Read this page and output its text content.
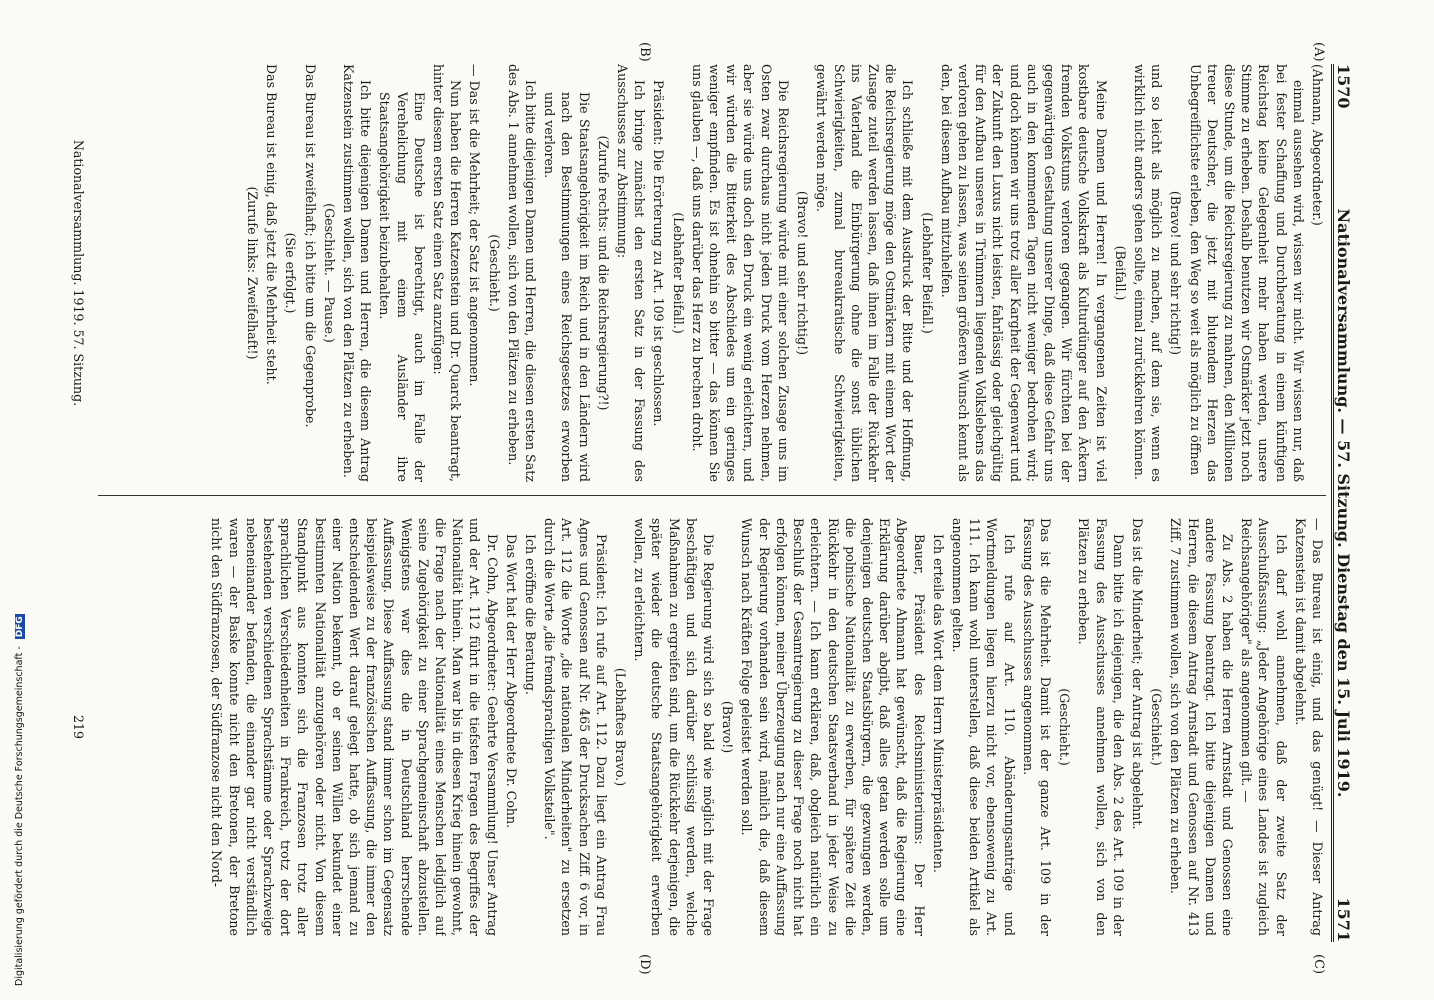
1570
Nationalversammlung. — 57. Sitzung. Dienstag den 15. Juli 1919.
1571
(A)
(B)
(C)
(D)

(Ahmann, Abgeordneter.)

einmal aussehen wird, wissen wir nicht. Wir wissen nur, daß bei fester Schaffung und Durchberatung in einem künftigen Reichstag keine Gelegenheit mehr haben werden, unsere Stimme zu erheben. Deshalb benutzen wir Ostmärker jetzt noch diese Stunde, um die Reichsregierung zu mahnen, den Millionen treuer Deutscher, die jetzt mit blutendem Herzen das Unbegreiflichste erleben, den Weg so weit als möglich zu öffnen

(Bravo! und sehr richtig!)

und so leicht als möglich zu machen, auf dem sie, wenn es wirklich nicht anders gehen sollte, einmal zurückkehren können.

(Beifall.)

Meine Damen und Herren! In vergangenen Zeiten ist viel kostbare deutsche Volkskraft als Kulturdünger auf den Äckern fremden Volkstums verloren gegangen. Wir fürchten bei der gegenwärtigen Gestaltung unserer Dinge, daß diese Gefahr uns auch in den kommenden Tagen nicht weniger bedrohen wird; und doch können wir uns trotz aller Kargheit der Gegenwart und der Zukunft den Luxus nicht leisten, fahrlässig oder gleichgültig für den Aufbau unseres in Trümmern liegenden Volkslebens das verloren gehen zu lassen, was seinen größeren Wunsch kennt als den, bei diesem Aufbau mitzuhelfen.

(Lebhafter Beifall.)

Ich schließe mit dem Ausdruck der Bitte und der Hoffnung, die Reichsregierung möge den Ostmärkern mit einem Wort der Zusage zuteil werden lassen, daß ihnen im Falle der Rückkehr ins Vaterland die Einbürgerung ohne die sonst üblichen Schwierigkeiten, zumal bureaukratische Schwierigkeiten, gewährt werden möge.

(Bravo! und sehr richtig!)

Die Reichsregierung würde mit einer solchen Zusage uns im Osten zwar durchaus nicht jeden Druck vom Herzen nehmen, aber sie würde uns doch den Druck ein wenig erleichtern, und wir würden die Bitterkeit des Abschiedes um ein geringes weniger empfinden. Es ist ohnehin so bitter — das können Sie uns glauben —, daß uns darüber das Herz zu brechen droht.

(Lebhafter Beifall.)

Präsident: Die Erörterung zu Art. 109 ist geschlossen.

Ich bringe zunächst den ersten Satz in der Fassung des Ausschusses zur Abstimmung:

(Zurufe rechts: und die Reichsregierung?!)

Die Staatsangehörigkeit im Reich und in den Ländern wird nach den Bestimmungen eines Reichsgesetzes erworben und verloren.

Ich bitte diejenigen Damen und Herren, die diesen ersten Satz des Abs. 1 annehmen wollen, sich von den Plätzen zu erheben.

(Geschieht.)

— Das ist die Mehrheit; der Satz ist angenommen.

Nun haben die Herren Katzenstein und Dr. Quarck beantragt, hinter diesem ersten Satz einen Satz anzufügen:

Eine Deutsche ist berechtigt, auch im Falle der Verehelichung mit einem Ausländer ihre Staatsangehörigkeit beizubehalten.

Ich bitte diejenigen Damen und Herren, die diesem Antrag Katzenstein zustimmen wollen, sich von den Plätzen zu erheben.

(Geschieht. — Pause.)

Das Bureau ist zweifelhaft; ich bitte um die Gegenprobe.

(Sie erfolgt.)

Das Bureau ist einig, daß jetzt die Mehrheit steht.

(Zurufe links: Zweifelhaft!)

— Das Bureau ist einig, und das genügt! — Dieser Antrag Katzenstein ist damit abgelehnt.

Ich darf wohl annehmen, daß der zweite Satz der Ausschußfassung: „Jeder Angehörige eines Landes ist zugleich Reichsangehöriger" als angenommen gilt. —

Zu Abs. 2 haben die Herren Arnstadt und Genossen eine andere Fassung beantragt. Ich bitte diejenigen Damen und Herren, die diesem Antrag Arnstadt und Genossen auf Nr. 413 Ziff. 7 zustimmen wollen, sich von den Plätzen zu erheben.

(Geschieht.)

Das ist die Minderheit; der Antrag ist abgelehnt.

Dann bitte ich diejenigen, die den Abs. 2 des Art. 109 in der Fassung des Ausschusses annehmen wollen, sich von den Plätzen zu erheben.

(Geschieht.)

Das ist die Mehrheit. Damit ist der ganze Art. 109 in der Fassung des Ausschusses angenommen.

Ich rufe auf Art. 110. Abänderungsanträge und Wortmeldungen liegen hierzu nicht vor, ebensowenig zu Art. 111. Ich kann wohl unterstellen, daß diese beiden Artikel als angenommen gelten.

Ich erteile das Wort dem Herrn Ministerpräsidenten.

Bauer, Präsident des Reichsministeriums: Der Herr Abgeordnete Ahmann hat gewünscht, daß die Regierung eine Erklärung darüber abgibt, daß alles getan werden solle um denjenigen deutschen Staatsbürgern, die gezwungen werden, die polnische Nationalität zu erwerben, für spätere Zeit die Rückkehr in den deutschen Staatsverband in jeder Weise zu erleichtern. — Ich kann erklären, daß, obgleich natürlich ein Beschluß der Gesamtregierung zu dieser Frage noch nicht hat erfolgen können, meiner Überzeugung nach nur eine Auffassung der Regierung vorhanden sein wird, nämlich die, daß diesem Wunsch nach Kräften Folge geleistet werden soll.

(Bravo!)

Die Regierung wird sich so bald wie möglich mit der Frage beschäftigen und sich darüber schlüssig werden, welche Maßnahmen zu ergreifen sind, um die Rückkehr derjenigen, die später wieder die deutsche Staatsangehörigkeit erwerben wollen, zu erleichtern.

(Lebhaftes Bravo.)

Präsident: Ich rufe auf Art. 112. Dazu liegt ein Antrag Frau Agnes und Genossen auf Nr. 465 der Drucksachen Ziff. 6 vor, in Art. 112 die Worte „die nationalen Minderheiten" zu ersetzen durch die Worte „die fremdsprachigen Volksteile".

Ich eröffne die Beratung.

Das Wort hat der Herr Abgeordnete Dr. Cohn.

Dr. Cohn, Abgeordneter: Geehrte Versammlung! Unser Antrag und der Art. 112 führt in die tiefsten Fragen des Begriffes der Nationalität hinein. Man war bis in diesen Krieg hinein gewohnt, die Frage nach der Nationalität eines Menschen lediglich auf seine Zugehörigkeit zu einer Sprachgemeinschaft abzustellen. Wenigstens war dies die in Deutschland herrschende Auffassung. Diese Auffassung stand immer schon im Gegensatz beispielsweise zu der französischen Auffassung, die immer den entscheidenden Wert darauf gelegt hatte, ob sich jemand zu einer Nation bekennt, ob er seinen Willen bekundet einer bestimmten Nationalität anzugehören oder nicht. Von diesem Standpunkt aus konnten sich die Franzosen trotz aller sprachlichen Verschiedenheiten in Frankreich, trotz der dort bestehenden verschiedenen Sprachstämme oder Sprachzweige nebeneinander befanden, die einander gar nicht verständlich waren — der Baske konnte nicht den Bretonen, der Bretone nicht den Südfranzosen, der Südfranzose nicht den Nord-

Nationalversammlung. 1919. 57. Sitzung.
219
Digitalisierung gefördert durch die Deutsche Forschungsgemeinschaft - DFG
